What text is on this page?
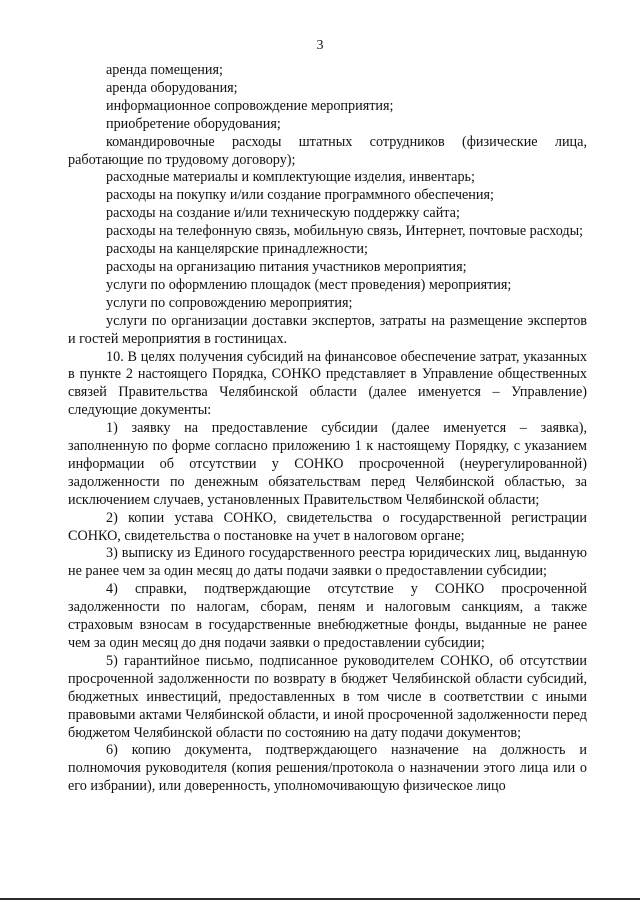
3

аренда помещения;

аренда оборудования;

информационное сопровождение мероприятия;

приобретение оборудования;

командировочные расходы штатных сотрудников (физические лица, работающие по трудовому договору);

расходные материалы и комплектующие изделия, инвентарь;

расходы на покупку и/или создание программного обеспечения;

расходы на создание и/или техническую поддержку сайта;

расходы на телефонную связь, мобильную связь, Интернет, почтовые расходы;

расходы на канцелярские принадлежности;

расходы на организацию питания участников мероприятия;

услуги по оформлению площадок (мест проведения) мероприятия;

услуги по сопровождению мероприятия;

услуги по организации доставки экспертов, затраты на размещение экспертов и гостей мероприятия в гостиницах.

10. В целях получения субсидий на финансовое обеспечение затрат, указанных в пункте 2 настоящего Порядка, СОНКО представляет в Управление общественных связей Правительства Челябинской области (далее именуется – Управление) следующие документы:

1) заявку на предоставление субсидии (далее именуется – заявка), заполненную по форме согласно приложению 1 к настоящему Порядку, с указанием информации об отсутствии у СОНКО просроченной (неурегулированной) задолженности по денежным обязательствам перед Челябинской областью, за исключением случаев, установленных Правительством Челябинской области;

2) копии устава СОНКО, свидетельства о государственной регистрации СОНКО, свидетельства о постановке на учет в налоговом органе;

3) выписку из Единого государственного реестра юридических лиц, выданную не ранее чем за один месяц до даты подачи заявки о предоставлении субсидии;

4) справки, подтверждающие отсутствие у СОНКО просроченной задолженности по налогам, сборам, пеням и налоговым санкциям, а также страховым взносам в государственные внебюджетные фонды, выданные не ранее чем за один месяц до дня подачи заявки о предоставлении субсидии;

5) гарантийное письмо, подписанное руководителем СОНКО, об отсутствии просроченной задолженности по возврату в бюджет Челябинской области субсидий, бюджетных инвестиций, предоставленных в том числе в соответствии с иными правовыми актами Челябинской области, и иной просроченной задолженности перед бюджетом Челябинской области по состоянию на дату подачи документов;

6) копию документа, подтверждающего назначение на должность и полномочия руководителя (копия решения/протокола о назначении этого лица или о его избрании), или доверенность, уполномочивающую физическое лицо
